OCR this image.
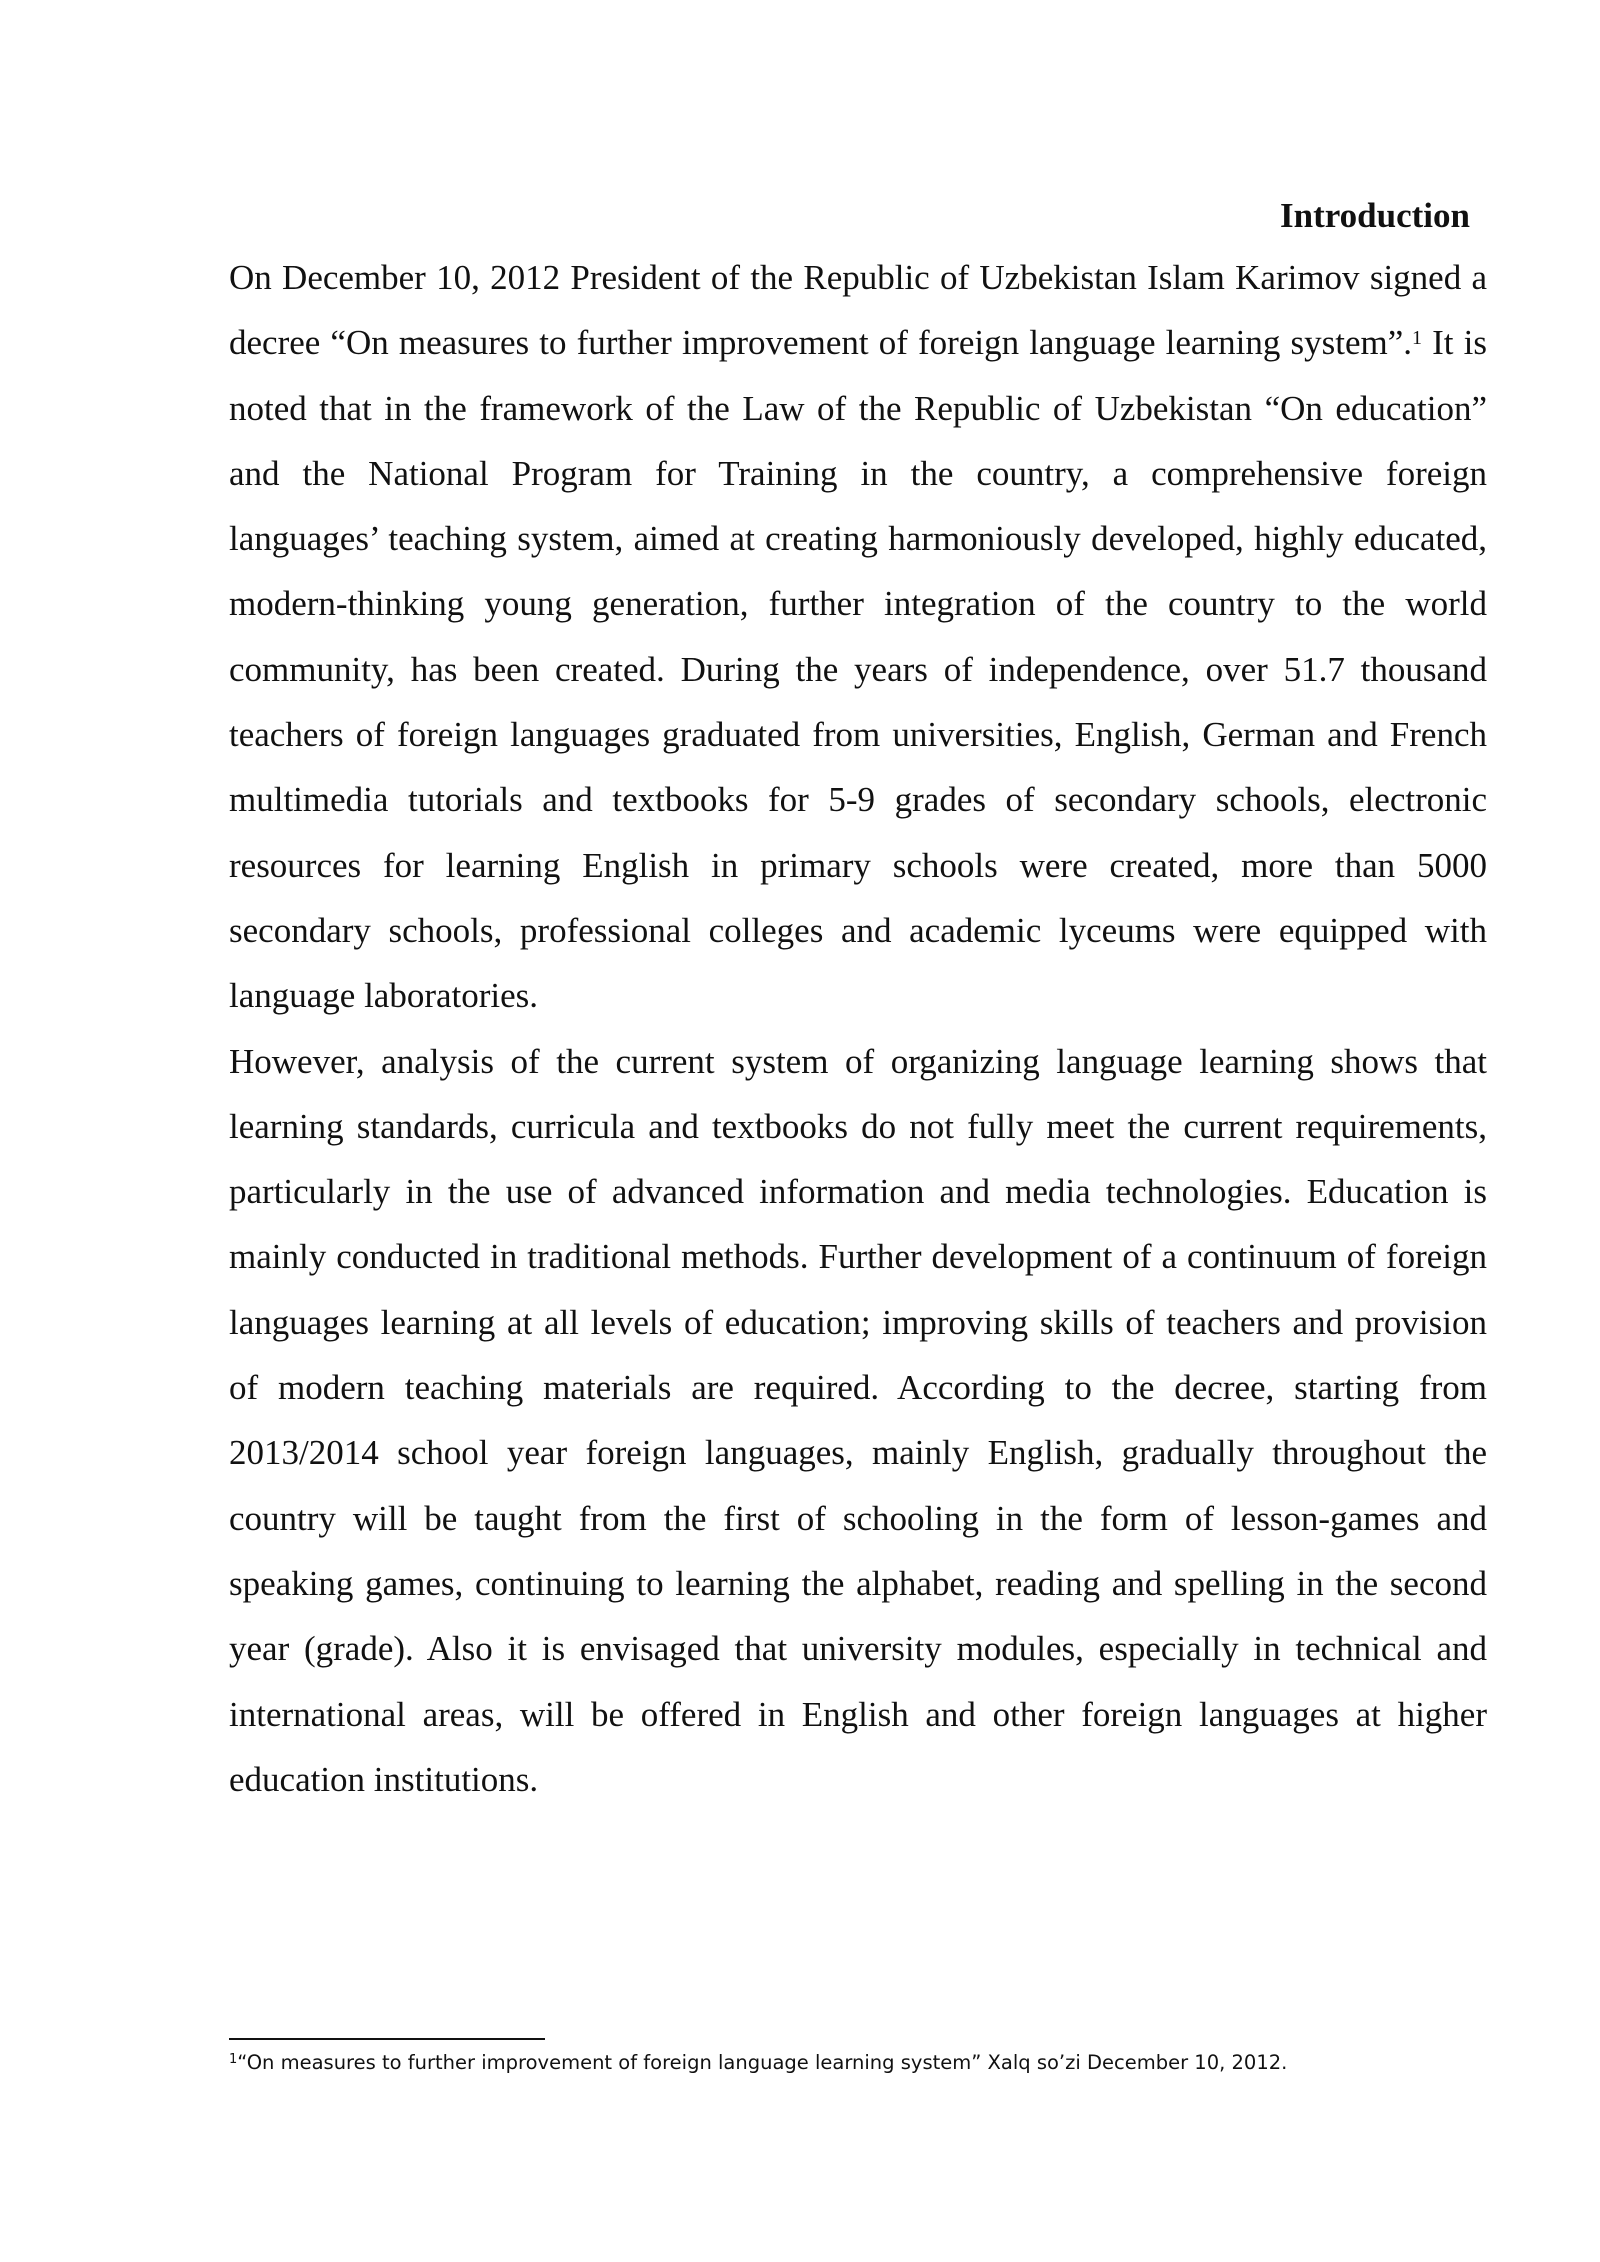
Introduction

On December 10, 2012 President of the Republic of Uzbekistan Islam Karimov signed a decree “On measures to further improvement of foreign language learning system”.$^1$ It is noted that in the framework of the Law of the Republic of Uzbekistan “On education” and the National Program for Training in the country, a comprehensive foreign languages’ teaching system, aimed at creating harmoniously developed, highly educated, modern-thinking young generation, further integration of the country to the world community, has been created. During the years of independence, over 51.7 thousand teachers of foreign languages graduated from universities, English, German and French multimedia tutorials and textbooks for 5-9 grades of secondary schools, electronic resources for learning English in primary schools were created, more than 5000 secondary schools, professional colleges and academic lyceums were equipped with language laboratories.

However, analysis of the current system of organizing language learning shows that learning standards, curricula and textbooks do not fully meet the current requirements, particularly in the use of advanced information and media technologies. Education is mainly conducted in traditional methods. Further development of a continuum of foreign languages learning at all levels of education; improving skills of teachers and provision of modern teaching materials are required. According to the decree, starting from 2013/2014 school year foreign languages, mainly English, gradually throughout the country will be taught from the first of schooling in the form of lesson-games and speaking games, continuing to learning the alphabet, reading and spelling in the second year (grade). Also it is envisaged that university modules, especially in technical and international areas, will be offered in English and other foreign languages at higher education institutions.

$^1$“On measures to further improvement of foreign language learning system” Xalq so’zi December 10, 2012.
